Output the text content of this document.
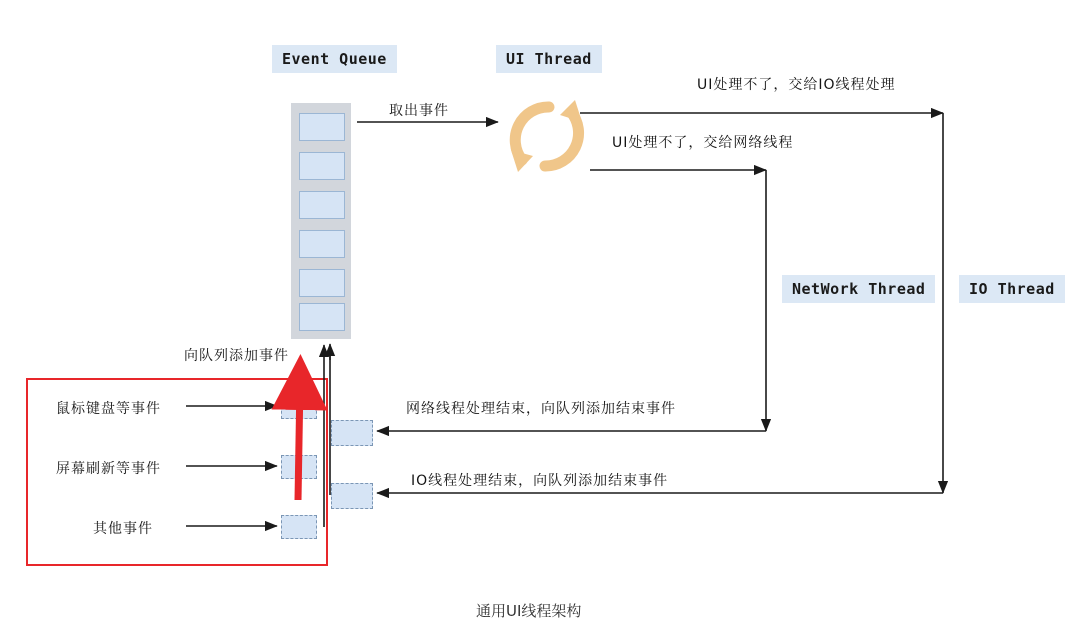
Event Queue	UI Thread
NetWork Thread	IO Thread
取出事件
UI处理不了，交给IO线程处理
UI处理不了，交给网络线程
向队列添加事件
网络线程处理结束，向队列添加结束事件
IO线程处理结束，向队列添加结束事件
鼠标键盘等事件
屏幕刷新等事件
其他事件
通用UI线程架构
